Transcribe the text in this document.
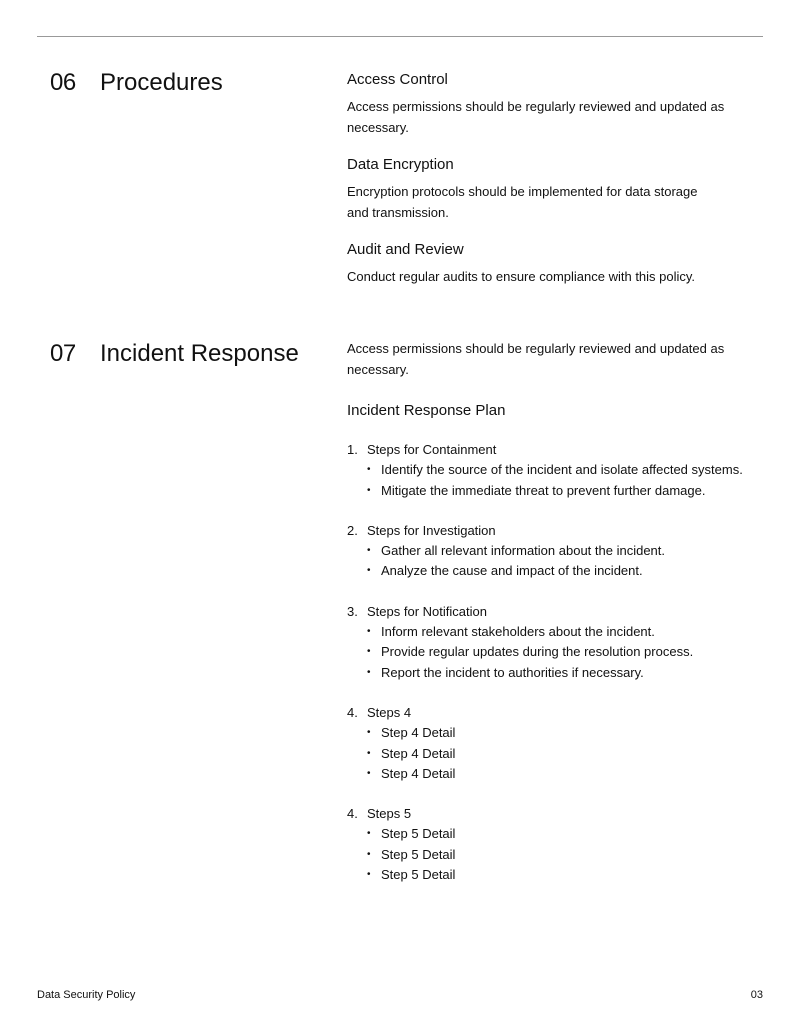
06 Procedures	Access Control

Access permissions should be regularly reviewed and updated as necessary.

Data Encryption

Encryption protocols should be implemented for data storage and transmission.

Audit and Review

Conduct regular audits to ensure compliance with this policy.

07 Incident Response	Access permissions should be regularly reviewed and updated as necessary.

Incident Response Plan
1. Steps for Containment
• Identify the source of the incident and isolate affected systems.
• Mitigate the immediate threat to prevent further damage.
2. Steps for Investigation
• Gather all relevant information about the incident.
• Analyze the cause and impact of the incident.
3. Steps for Notification
• Inform relevant stakeholders about the incident.
• Provide regular updates during the resolution process.
• Report the incident to authorities if necessary.
4. Steps 4
• Step 4 Detail
• Step 4 Detail
• Step 4 Detail
4. Steps 5
• Step 5 Detail
• Step 5 Detail
• Step 5 Detail
Data Security Policy	03
